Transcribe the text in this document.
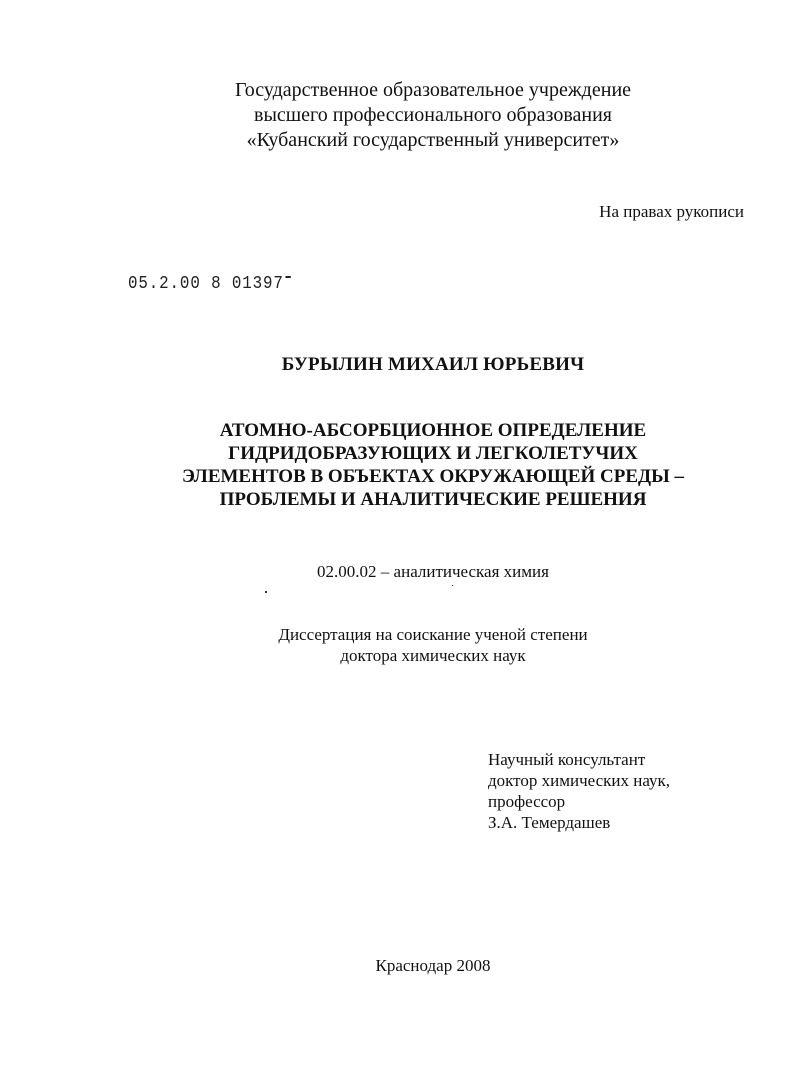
Государственное образовательное учреждение
высшего профессионального образования
«Кубанский государственный университет»
На правах рукописи
05.2.00 8 01397
БУРЫЛИН МИХАИЛ ЮРЬЕВИЧ
АТОМНО-АБСОРБЦИОННОЕ ОПРЕДЕЛЕНИЕ
ГИДРИДОБРАЗУЮЩИХ И ЛЕГКОЛЕТУЧИХ
ЭЛЕМЕНТОВ В ОБЪЕКТАХ ОКРУЖАЮЩЕЙ СРЕДЫ –
ПРОБЛЕМЫ И АНАЛИТИЧЕСКИЕ РЕШЕНИЯ
02.00.02 – аналитическая химия
Диссертация на соискание ученой степени
доктора химических наук
Научный консультант
доктор химических наук,
профессор
З.А. Темердашев
Краснодар 2008
